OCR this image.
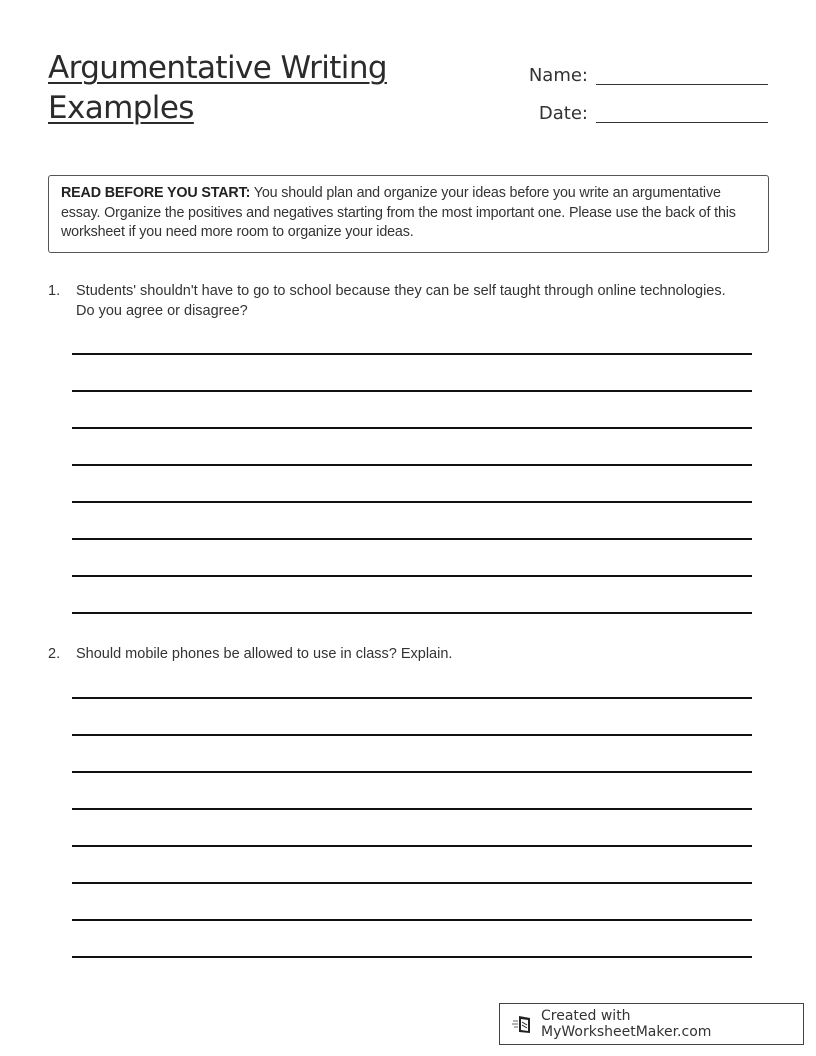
Argumentative Writing
Examples
Name:
Date:
READ BEFORE YOU START: You should plan and organize your ideas before you write an argumentative essay. Organize the positives and negatives starting from the most important one. Please use the back of this worksheet if you need more room to organize your ideas.
1.	Students' shouldn't have to go to school because they can be self taught through online technologies. Do you agree or disagree?
2.	Should mobile phones be allowed to use in class? Explain.
Created with MyWorksheetMaker.com
